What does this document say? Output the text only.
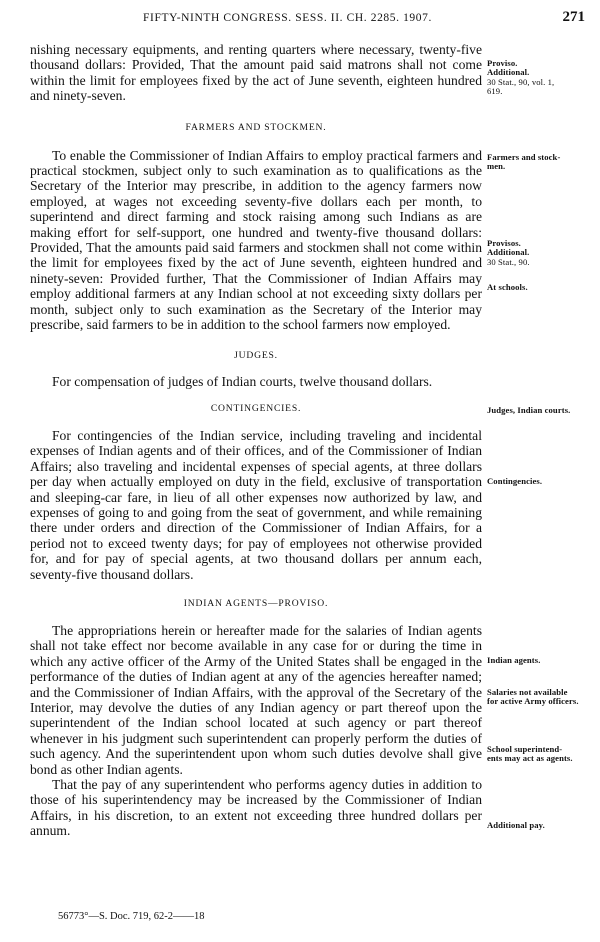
FIFTY-NINTH CONGRESS. SESS. II. CH. 2285. 1907.	271

nishing necessary equipments, and renting quarters where necessary, twenty-five thousand dollars: Provided, That the amount paid said matrons shall not come within the limit for employees fixed by the act of June seventh, eighteen hundred and ninety-seven.

FARMERS AND STOCKMEN.

To enable the Commissioner of Indian Affairs to employ practical farmers and practical stockmen, subject only to such examination as to qualifications as the Secretary of the Interior may prescribe, in addition to the agency farmers now employed, at wages not exceeding seventy-five dollars each per month, to superintend and direct farming and stock raising among such Indians as are making effort for self-support, one hundred and twenty-five thousand dollars: Provided, That the amounts paid said farmers and stockmen shall not come within the limit for employees fixed by the act of June seventh, eighteen hundred and ninety-seven: Provided further, That the Commissioner of Indian Affairs may employ additional farmers at any Indian school at not exceeding sixty dollars per month, subject only to such examination as the Secretary of the Interior may prescribe, said farmers to be in addition to the school farmers now employed.

JUDGES.

For compensation of judges of Indian courts, twelve thousand dollars.

CONTINGENCIES.

For contingencies of the Indian service, including traveling and incidental expenses of Indian agents and of their offices, and of the Commissioner of Indian Affairs; also traveling and incidental expenses of special agents, at three dollars per day when actually employed on duty in the field, exclusive of transportation and sleeping-car fare, in lieu of all other expenses now authorized by law, and expenses of going to and going from the seat of government, and while remaining there under orders and direction of the Commissioner of Indian Affairs, for a period not to exceed twenty days; for pay of employees not otherwise provided for, and for pay of special agents, at two thousand dollars per annum each, seventy-five thousand dollars.

INDIAN AGENTS—PROVISO.

The appropriations herein or hereafter made for the salaries of Indian agents shall not take effect nor become available in any case for or during the time in which any active officer of the Army of the United States shall be engaged in the performance of the duties of Indian agent at any of the agencies hereafter named; and the Commissioner of Indian Affairs, with the approval of the Secretary of the Interior, may devolve the duties of any Indian agency or part thereof upon the superintendent of the Indian school located at such agency or part thereof whenever in his judgment such superintendent can properly perform the duties of such agency. And the superintendent upon whom such duties devolve shall give bond as other Indian agents.

That the pay of any superintendent who performs agency duties in addition to those of his superintendency may be increased by the Commissioner of Indian Affairs, in his discretion, to an extent not exceeding three hundred dollars per annum.

Proviso.
Additional.
30 Stat., 90, vol. 1,
619.
Farmers and stock-
men.
Provisos.
Additional.
30 Stat., 90.
At schools.
Judges, Indian courts.
Contingencies.
Indian agents.
Salaries not available
for active Army officers.
School superintend-
ents may act as agents.
Additional pay.
56773°—S. Doc. 719, 62-2——18
